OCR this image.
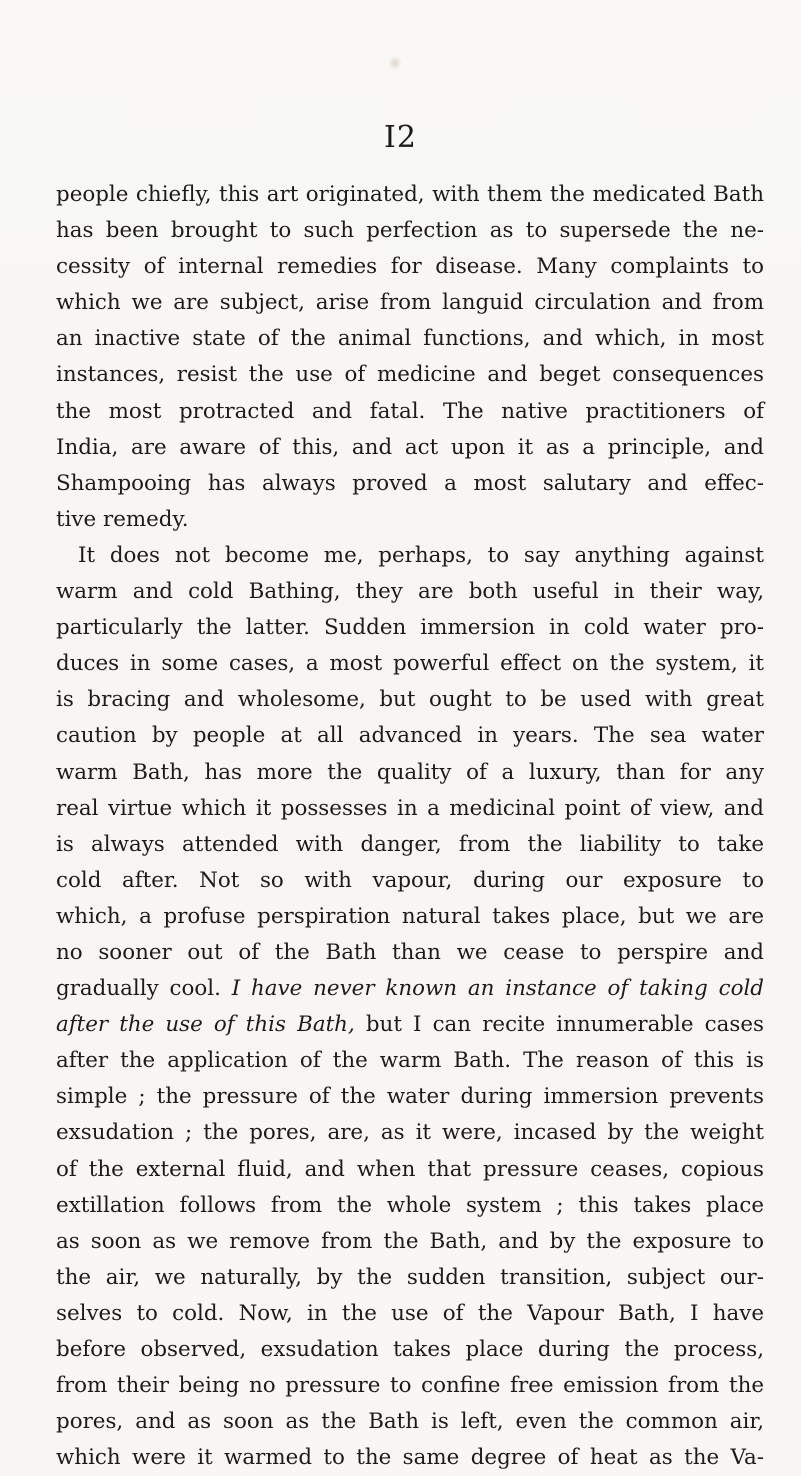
I2
people chiefly, this art originated, with them the medicated Bath
has been brought to such perfection as to supersede the ne-
cessity of internal remedies for disease. Many complaints to
which we are subject, arise from languid circulation and from
an inactive state of the animal functions, and which, in most
instances, resist the use of medicine and beget consequences
the most protracted and fatal. The native practitioners of
India, are aware of this, and act upon it as a principle, and
Shampooing has always proved a most salutary and effec-
tive remedy.
It does not become me, perhaps, to say anything against
warm and cold Bathing, they are both useful in their way,
particularly the latter. Sudden immersion in cold water pro-
duces in some cases, a most powerful effect on the system, it
is bracing and wholesome, but ought to be used with great
caution by people at all advanced in years. The sea water
warm Bath, has more the quality of a luxury, than for any
real virtue which it possesses in a medicinal point of view, and
is always attended with danger, from the liability to take
cold after. Not so with vapour, during our exposure to
which, a profuse perspiration natural takes place, but we are
no sooner out of the Bath than we cease to perspire and
gradually cool. I have never known an instance of taking cold
after the use of this Bath, but I can recite innumerable cases
after the application of the warm Bath. The reason of this is
simple ; the pressure of the water during immersion prevents
exsudation ; the pores, are, as it were, incased by the weight
of the external fluid, and when that pressure ceases, copious
extillation follows from the whole system ; this takes place
as soon as we remove from the Bath, and by the exposure to
the air, we naturally, by the sudden transition, subject our-
selves to cold. Now, in the use of the Vapour Bath, I have
before observed, exsudation takes place during the process,
from their being no pressure to confine free emission from the
pores, and as soon as the Bath is left, even the common air,
which were it warmed to the same degree of heat as the Va-
